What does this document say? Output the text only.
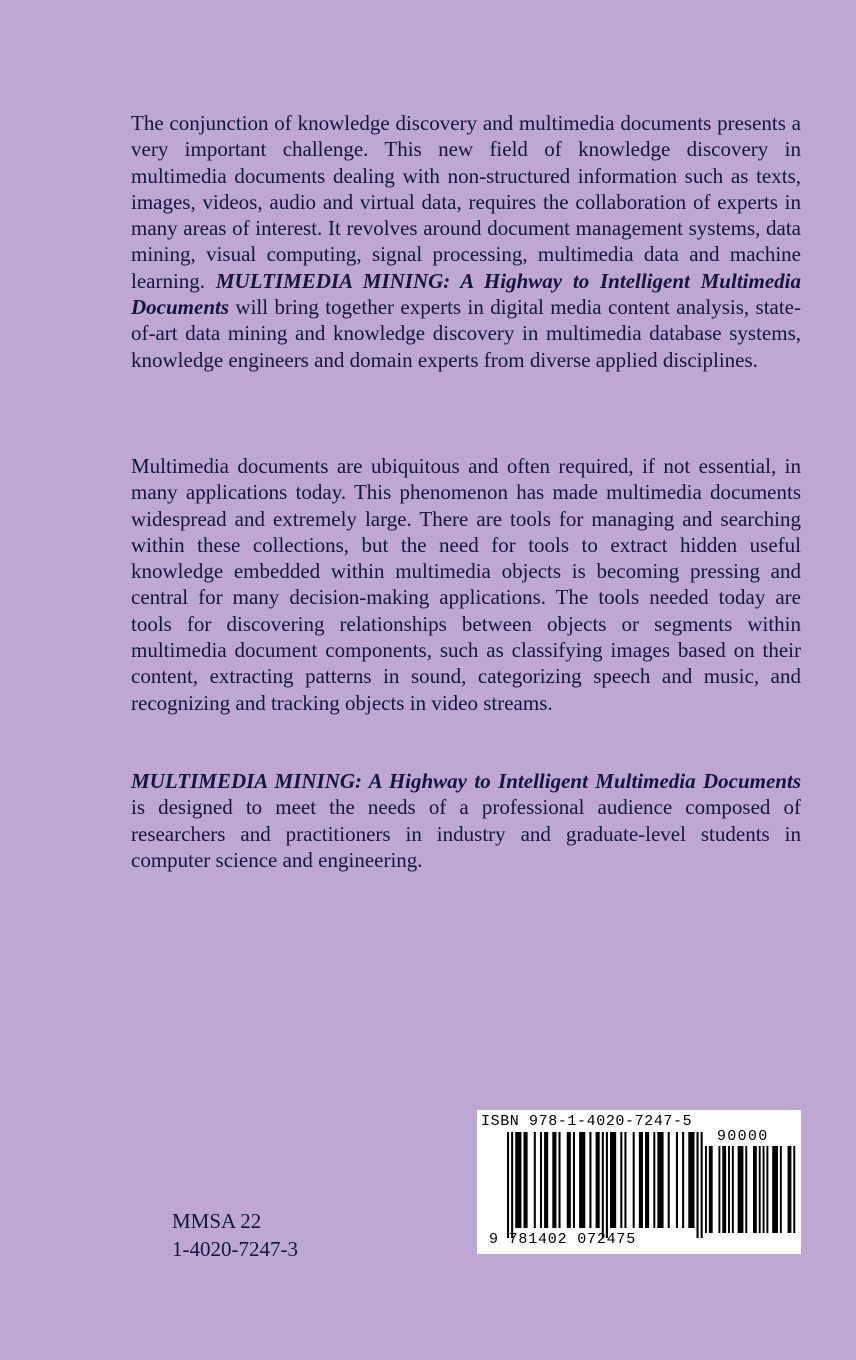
The conjunction of knowledge discovery and multimedia documents presents a very important challenge. This new field of knowledge discovery in multimedia documents dealing with non-structured information such as texts, images, videos, audio and virtual data, requires the collaboration of experts in many areas of interest. It revolves around document management systems, data mining, visual computing, signal processing, multimedia data and machine learning. MULTIMEDIA MINING: A Highway to Intelligent Multimedia Documents will bring together experts in digital media content analysis, state-of-art data mining and knowledge discovery in multimedia database systems, knowledge engineers and domain experts from diverse applied disciplines.

Multimedia documents are ubiquitous and often required, if not essential, in many applications today. This phenomenon has made multimedia documents widespread and extremely large. There are tools for managing and searching within these collections, but the need for tools to extract hidden useful knowledge embedded within multimedia objects is becoming pressing and central for many decision-making applications. The tools needed today are tools for discovering relationships between objects or segments within multimedia document components, such as classifying images based on their content, extracting patterns in sound, categorizing speech and music, and recognizing and tracking objects in video streams.

MULTIMEDIA MINING: A Highway to Intelligent Multimedia Documents is designed to meet the needs of a professional audience composed of researchers and practitioners in industry and graduate-level students in computer science and engineering.

MMSA 22
1-4020-7247-3
ISBN 978-1-4020-7247-5
90000
9 781402 072475
